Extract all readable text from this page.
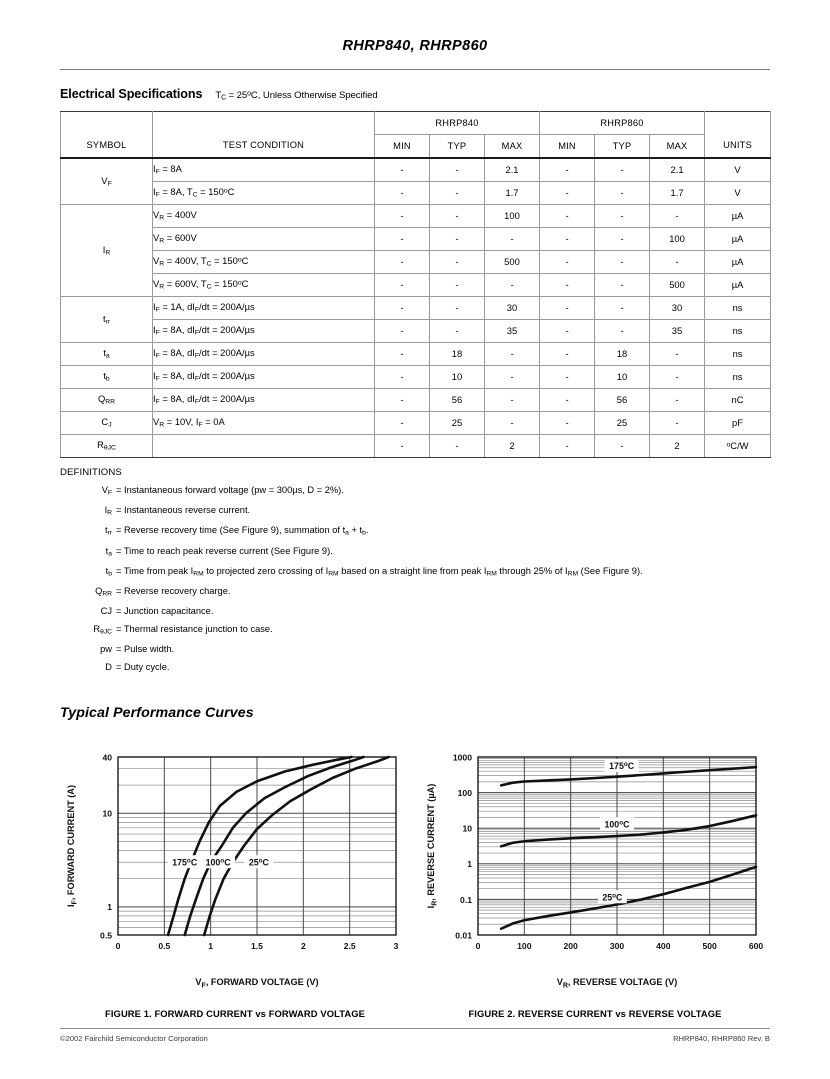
RHRP840, RHRP860
Electrical Specifications $T_C = 25^oC$, Unless Otherwise Specified
		RHRP840			RHRP860			
SYMBOL	TEST CONDITION	MIN	TYP	MAX	MIN	TYP	MAX	UNITS
$V_F$	$I_F = 8A$	-	-	2.1	-	-	2.1	V
	$I_F = 8A$, $T_C = 150^oC$	-	-	1.7	-	-	1.7	V
$I_R$	$V_R = 400V$	-	-	100	-	-	-	µA
	$V_R = 600V$	-	-	-	-	-	100	µA
	$V_R = 400V$, $T_C = 150^oC$	-	-	500	-	-	-	µA
	$V_R = 600V$, $T_C = 150^oC$	-	-	-	-	-	500	µA
$t_{rr}$	$I_F = 1A$, $dI_F/dt = 200A/\mu s$	-	-	30	-	-	30	ns
	$I_F = 8A$, $dI_F/dt = 200A/\mu s$	-	-	35	-	-	35	ns
$t_a$	$I_F = 8A$, $dI_F/dt = 200A/\mu s$	-	18	-	-	18	-	ns
$t_b$	$I_F = 8A$, $dI_F/dt = 200A/\mu s$	-	10	-	-	10	-	ns
$Q_{RR}$	$I_F = 8A$, $dI_F/dt = 200A/\mu s$	-	56	-	-	56	-	nC
$C_J$	$V_R = 10V$, $I_F = 0A$	-	25	-	-	25	-	pF
$R_{\theta JC}$		-	-	2	-	-	2	$^o$C/W
DEFINITIONS
$V_F$ = Instantaneous forward voltage (pw = 300µs, D = 2%).
$I_R$ = Instantaneous reverse current.
$t_{rr}$ = Reverse recovery time (See Figure 9), summation of $t_a + t_b$.
$t_a$ = Time to reach peak reverse current (See Figure 9).
$t_b$ = Time from peak $I_{RM}$ to projected zero crossing of $I_{RM}$ based on a straight line from peak $I_{RM}$ through 25% of $I_{RM}$ (See Figure 9).
$Q_{RR}$ = Reverse recovery charge.
CJ = Junction capacitance.
$R_{\theta JC}$ = Thermal resistance junction to case.
pw = Pulse width.
D = Duty cycle.
Typical Performance Curves
0.5
1
10
40
0	0.5	1	1.5	2	2.5	3
$V_F$, FORWARD VOLTAGE (V)
$I_F$, FORWARD CURRENT (A)	175$^o$C 100$^o$C 25$^o$C
FIGURE 1. FORWARD CURRENT vs FORWARD VOLTAGE
0.01
0.1
1
10
100
1000
0	100	200	300	400	500	600
$V_R$, REVERSE VOLTAGE (V)
$I_R$, REVERSE CURRENT (µA)
175$^o$C
100$^o$C
25$^o$C
FIGURE 2. REVERSE CURRENT vs REVERSE VOLTAGE
©2002 Fairchild Semiconductor Corporation	RHRP840, RHRP860 Rev. B
